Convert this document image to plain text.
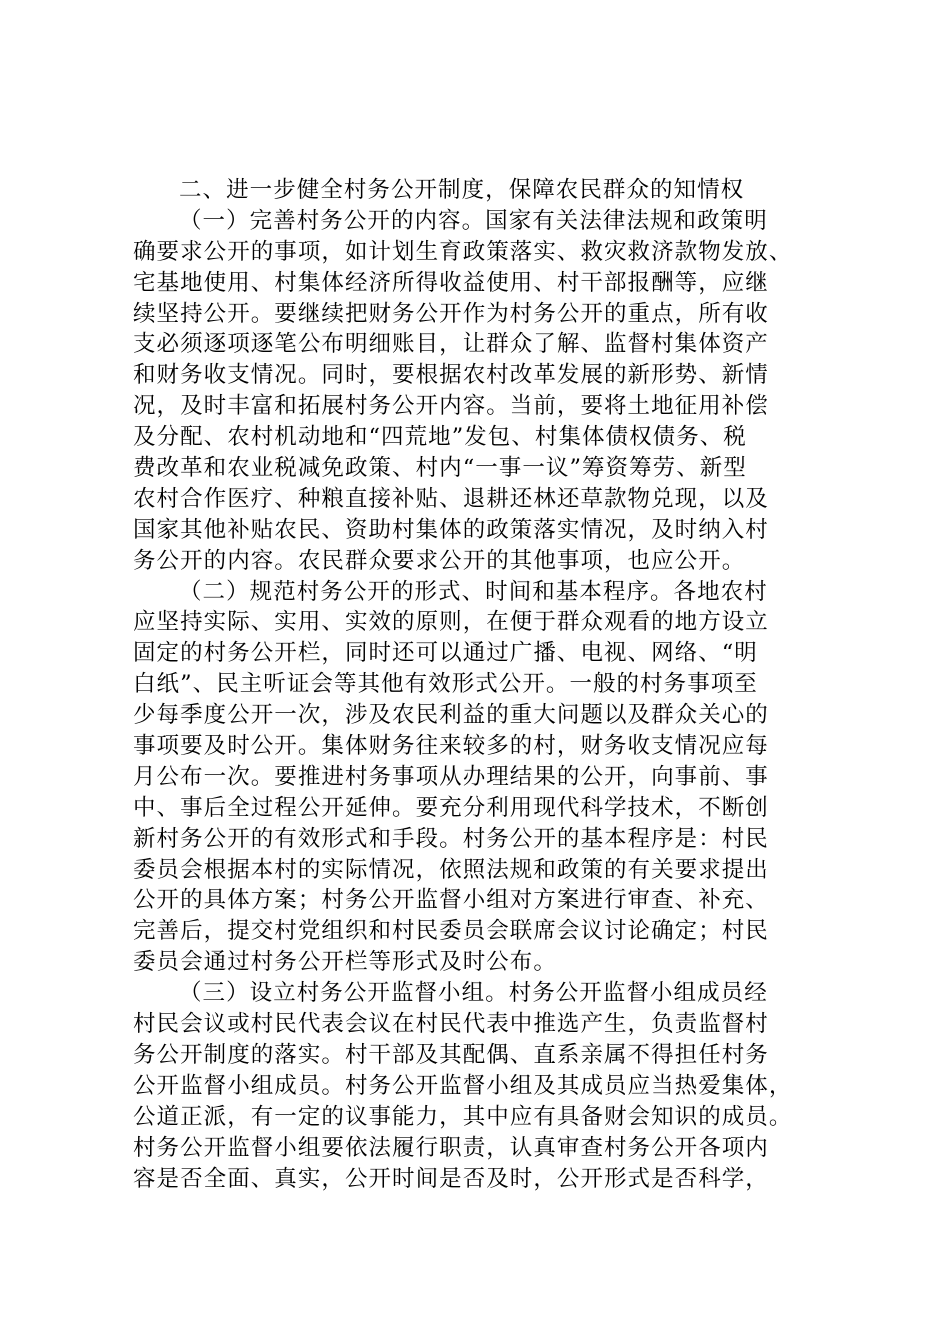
二、进一步健全村务公开制度，保障农民群众的知情权
（一）完善村务公开的内容。国家有关法律法规和政策明
确要求公开的事项，如计划生育政策落实、救灾救济款物发放、
宅基地使用、村集体经济所得收益使用、村干部报酬等，应继
续坚持公开。要继续把财务公开作为村务公开的重点，所有收
支必须逐项逐笔公布明细账目，让群众了解、监督村集体资产
和财务收支情况。同时，要根据农村改革发展的新形势、新情
况，及时丰富和拓展村务公开内容。当前，要将土地征用补偿
及分配、农村机动地和“四荒地”发包、村集体债权债务、税
费改革和农业税减免政策、村内“一事一议”筹资筹劳、新型
农村合作医疗、种粮直接补贴、退耕还林还草款物兑现，以及
国家其他补贴农民、资助村集体的政策落实情况，及时纳入村
务公开的内容。农民群众要求公开的其他事项，也应公开。
（二）规范村务公开的形式、时间和基本程序。各地农村
应坚持实际、实用、实效的原则，在便于群众观看的地方设立
固定的村务公开栏，同时还可以通过广播、电视、网络、“明
白纸”、民主听证会等其他有效形式公开。一般的村务事项至
少每季度公开一次，涉及农民利益的重大问题以及群众关心的
事项要及时公开。集体财务往来较多的村，财务收支情况应每
月公布一次。要推进村务事项从办理结果的公开，向事前、事
中、事后全过程公开延伸。要充分利用现代科学技术，不断创
新村务公开的有效形式和手段。村务公开的基本程序是：村民
委员会根据本村的实际情况，依照法规和政策的有关要求提出
公开的具体方案；村务公开监督小组对方案进行审查、补充、
完善后，提交村党组织和村民委员会联席会议讨论确定；村民
委员会通过村务公开栏等形式及时公布。
（三）设立村务公开监督小组。村务公开监督小组成员经
村民会议或村民代表会议在村民代表中推选产生，负责监督村
务公开制度的落实。村干部及其配偶、直系亲属不得担任村务
公开监督小组成员。村务公开监督小组及其成员应当热爱集体，
公道正派，有一定的议事能力，其中应有具备财会知识的成员。
村务公开监督小组要依法履行职责，认真审查村务公开各项内
容是否全面、真实，公开时间是否及时，公开形式是否科学，
